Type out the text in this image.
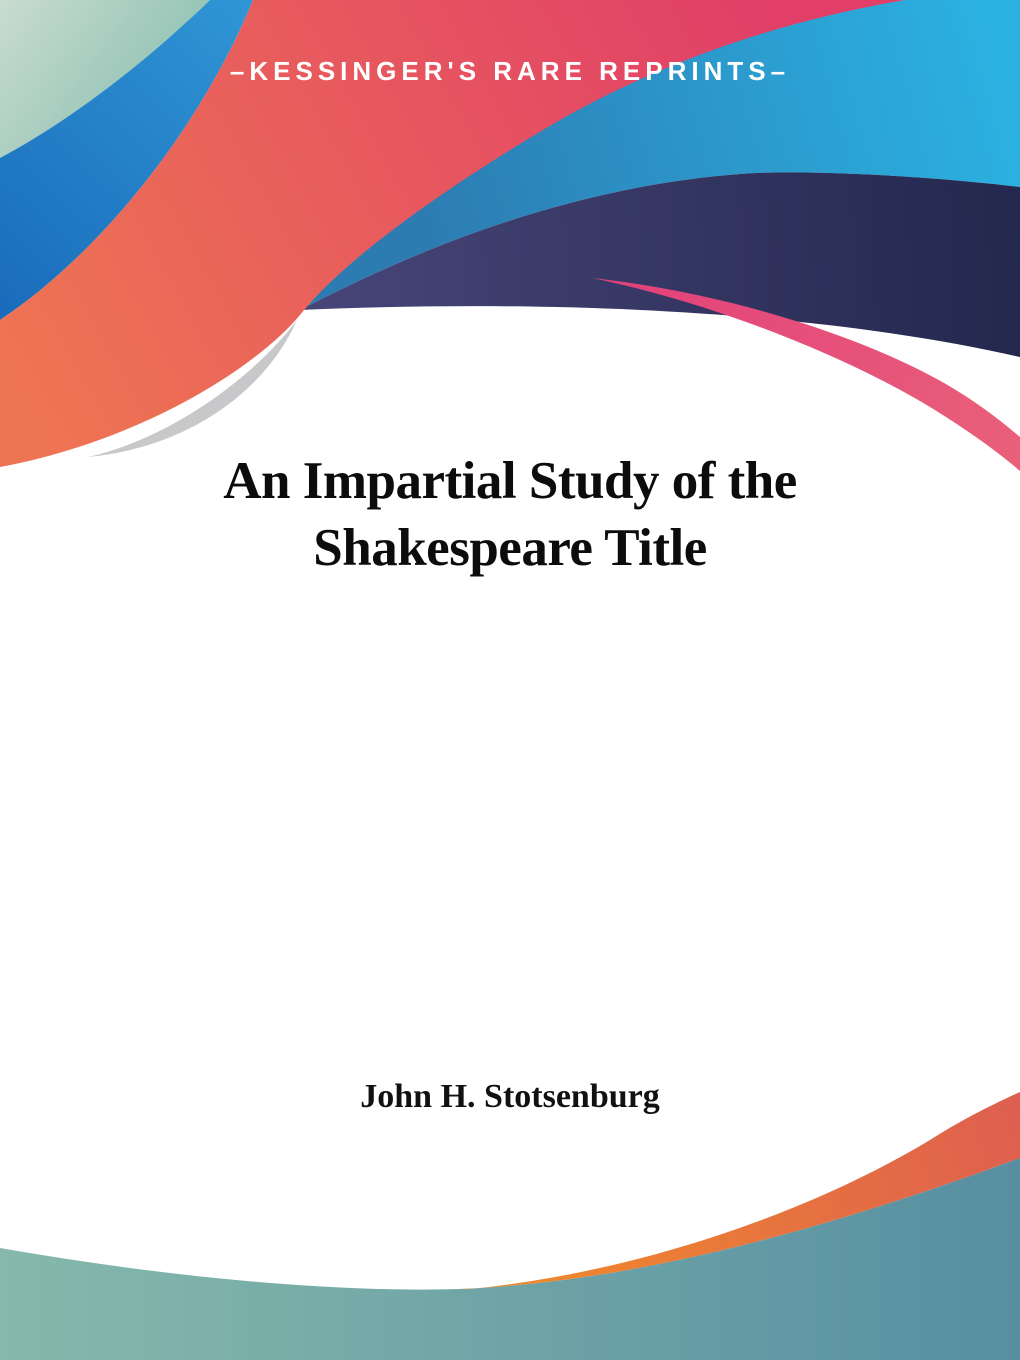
–KESSINGER'S RARE REPRINTS–
An Impartial Study of the
Shakespeare Title
John H. Stotsenburg
